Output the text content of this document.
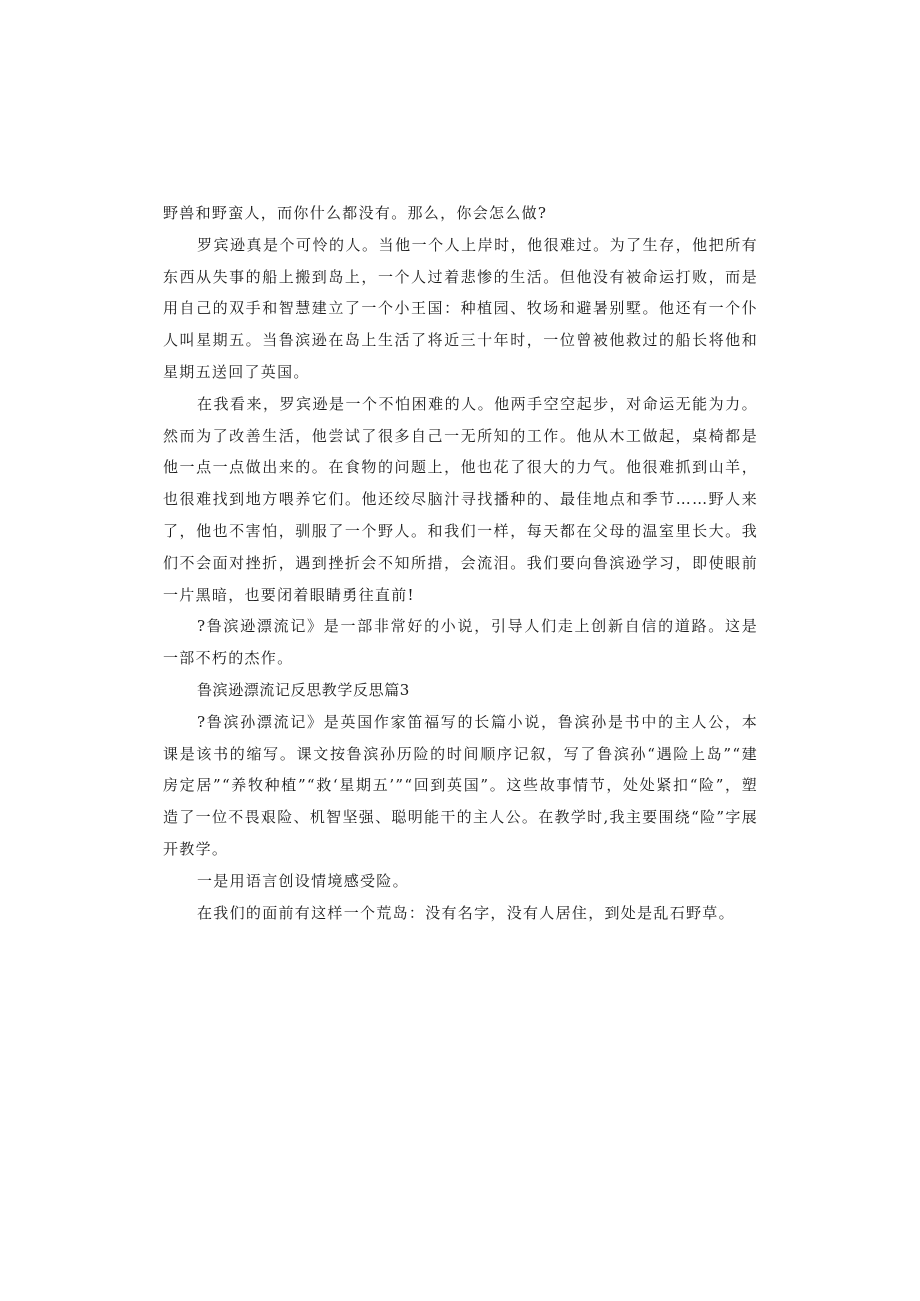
野兽和野蛮人，而你什么都没有。那么，你会怎么做?

罗宾逊真是个可怜的人。当他一个人上岸时，他很难过。为了生存，他把所有东西从失事的船上搬到岛上，一个人过着悲惨的生活。但他没有被命运打败，而是用自己的双手和智慧建立了一个小王国：种植园、牧场和避暑别墅。他还有一个仆人叫星期五。当鲁滨逊在岛上生活了将近三十年时，一位曾被他救过的船长将他和星期五送回了英国。

在我看来，罗宾逊是一个不怕困难的人。他两手空空起步，对命运无能为力。然而为了改善生活，他尝试了很多自己一无所知的工作。他从木工做起，桌椅都是他一点一点做出来的。在食物的问题上，他也花了很大的力气。他很难抓到山羊，也很难找到地方喂养它们。他还绞尽脑汁寻找播种的、最佳地点和季节……野人来了，他也不害怕，驯服了一个野人。和我们一样，每天都在父母的温室里长大。我们不会面对挫折，遇到挫折会不知所措，会流泪。我们要向鲁滨逊学习，即使眼前一片黑暗，也要闭着眼睛勇往直前!

?鲁滨逊漂流记》是一部非常好的小说，引导人们走上创新自信的道路。这是一部不朽的杰作。

鲁滨逊漂流记反思教学反思篇3

?鲁滨孙漂流记》是英国作家笛福写的长篇小说，鲁滨孙是书中的主人公，本课是该书的缩写。课文按鲁滨孙历险的时间顺序记叙，写了鲁滨孙“遇险上岛”“建房定居”“养牧种植”“救‘星期五’”“回到英国”。这些故事情节，处处紧扣“险”，塑造了一位不畏艰险、机智坚强、聪明能干的主人公。在教学时,我主要围绕“险”字展开教学。

一是用语言创设情境感受险。

在我们的面前有这样一个荒岛：没有名字，没有人居住，到处是乱石野草。
